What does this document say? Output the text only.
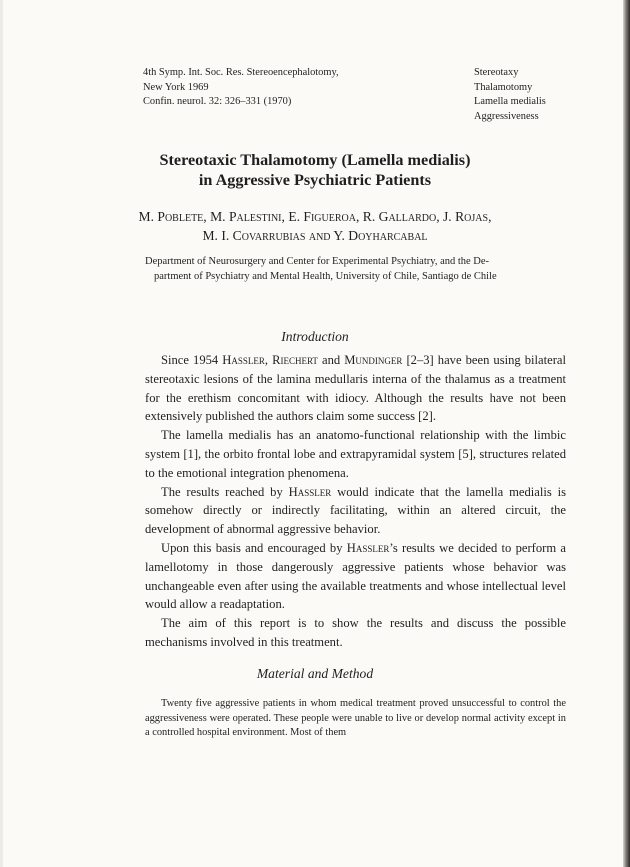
4th Symp. Int. Soc. Res. Stereoencephalotomy,
New York 1969
Confin. neurol. 32: 326–331 (1970)
Stereotaxy
Thalamotomy
Lamella medialis
Aggressiveness
Stereotaxic Thalamotomy (Lamella medialis)
in Aggressive Psychiatric Patients
M. Poblete, M. Palestini, E. Figueroa, R. Gallardo, J. Rojas,
M. I. Covarrubias and Y. Doyharcabal
Department of Neurosurgery and Center for Experimental Psychiatry, and the De-
partment of Psychiatry and Mental Health, University of Chile, Santiago de Chile
Introduction

Since 1954 Hassler, Riechert and Mundinger [2–3] have been using bilateral stereotaxic lesions of the lamina medullaris interna of the thalamus as a treatment for the erethism concomitant with idiocy. Although the results have not been extensively published the authors claim some success [2].

The lamella medialis has an anatomo-functional relationship with the limbic system [1], the orbito frontal lobe and extrapyramidal system [5], structures related to the emotional integration phenomena.

The results reached by Hassler would indicate that the lamella medialis is somehow directly or indirectly facilitating, within an altered circuit, the development of abnormal aggressive behavior.

Upon this basis and encouraged by Hassler’s results we decided to perform a lamellotomy in those dangerously aggressive patients whose behavior was unchangeable even after using the available treatments and whose intellectual level would allow a readaptation.

The aim of this report is to show the results and discuss the possible mechanisms involved in this treatment.

Material and Method

Twenty five aggressive patients in whom medical treatment proved unsuccessful to control the aggressiveness were operated. These people were unable to live or develop normal activity except in a controlled hospital environment. Most of them
